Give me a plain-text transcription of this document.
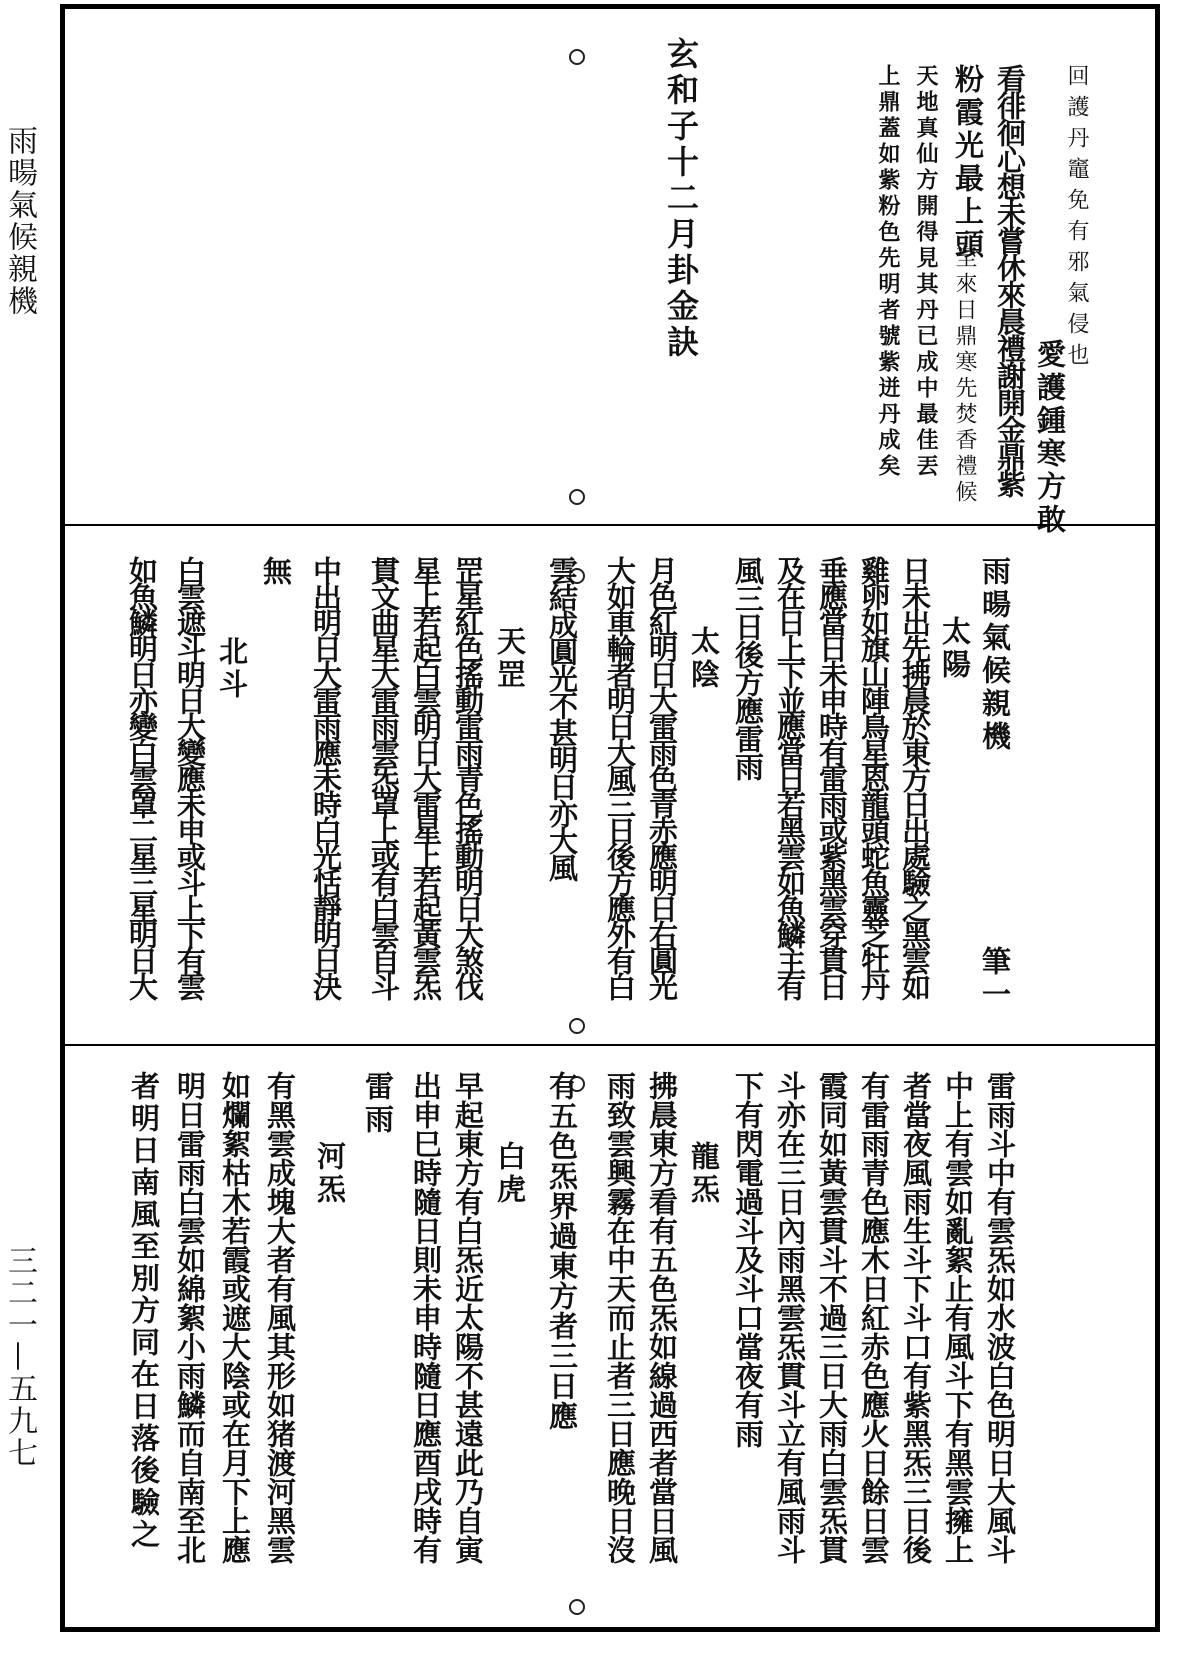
雨暘氣候親機
三二一—五九七
玄和子十二月卦金訣	回護丹竈免有邪氣侵也
愛護鍾寒方敢
看徘徊心想未嘗休來晨禮謝開金鼎紫
粉霞光最上頭
至來日鼎寒先焚香禮候
天地真仙方開得見其丹已成中最佳丟
上鼎蓋如紫粉色先明者號紫迸丹成矣
雨暘氣候親機
筆一
太陽
日未出先拂晨於東方日出處驗之黑雲如
雞卵如旗山陣鳥星恩龍頭蛇魚靈芝牡丹
垂應當日未申時有雷雨或紫黑雲穿貫日
及在日上下並應當日若黑雲如魚鱗主有
風三日後方應雷雨
太陰
月色紅明日大雷雨色青赤應明日右圓光
大如車輪者明日大風三日後方應外有白
雲結成圓光不甚明日亦大風
天罡
罡星紅色搖動雷雨青色搖動明日大煞伐
星上若起白雲明日大雷星上若起黃雲炁
貫文曲星大雷雨雲炁罩上或有白雲自斗
中出明日大雷雨應未時白光恬靜明日決
無
北斗
白雲遮斗明日大變應未申或斗上下有雲
如魚鱗明日亦變白雲罩二星三星明日大
雷雨斗中有雲炁如水波白色明日大風斗
中上有雲如亂絮止有風斗下有黑雲擁上
者當夜風雨生斗下斗口有紫黑炁三日後
有雷雨青色應木日紅赤色應火日餘日雲
霞同如黃雲貫斗不過三日大雨白雲炁貫
斗亦在三日內雨黑雲炁貫斗立有風雨斗
下有閃電過斗及斗口當夜有雨
龍炁
拂晨東方看有五色炁如線過西者當日風
雨致雲興霧在中天而止者三日應晚日沒
有五色炁界過東方者三日應
白虎
早起東方有白炁近太陽不甚遠此乃自寅
出申巳時隨日則未申時隨日應酉戌時有
雷雨
河炁
有黑雲成塊大者有風其形如猪渡河黑雲
如爛絮枯木若霞或遮大陰或在月下上應
明日雷雨白雲如綿絮小雨鱗而自南至北
者明日南風至別方同在日落後驗之
